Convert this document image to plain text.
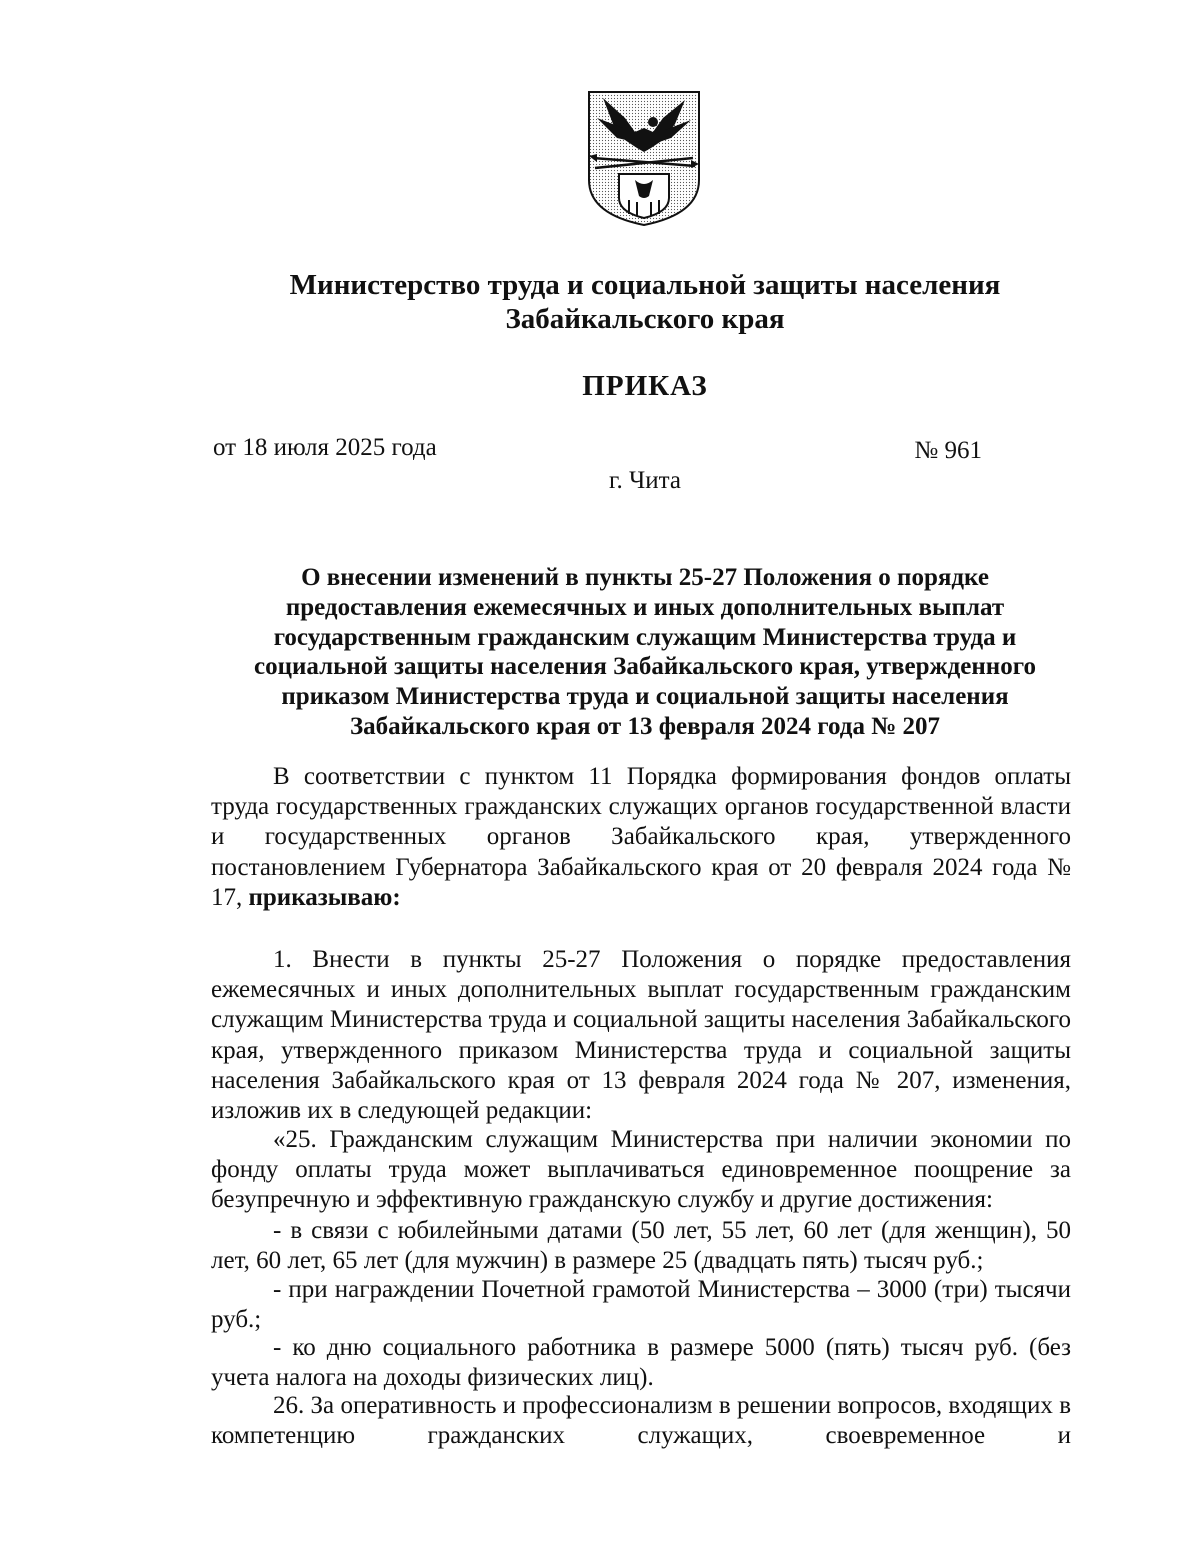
Министерство труда и социальной защиты населения
Забайкальского края
ПРИКАЗ
от 18 июля 2025 года	№ 961
г. Чита
О внесении изменений в пункты 25-27 Положения о порядке
предоставления ежемесячных и иных дополнительных выплат
государственным гражданским служащим Министерства труда и
социальной защиты населения Забайкальского края, утвержденного
приказом Министерства труда и социальной защиты населения
Забайкальского края от 13 февраля 2024 года № 207

В соответствии с пунктом 11 Порядка формирования фондов оплаты труда государственных гражданских служащих органов государственной власти и государственных органов Забайкальского края, утвержденного постановлением Губернатора Забайкальского края от 20 февраля 2024 года № 17, приказываю:

1. Внести в пункты 25-27 Положения о порядке предоставления ежемесячных и иных дополнительных выплат государственным гражданским служащим Министерства труда и социальной защиты населения Забайкальского края, утвержденного приказом Министерства труда и социальной защиты населения Забайкальского края от 13 февраля 2024 года № 207, изменения, изложив их в следующей редакции:

«25. Гражданским служащим Министерства при наличии экономии по фонду оплаты труда может выплачиваться единовременное поощрение за безупречную и эффективную гражданскую службу и другие достижения:

- в связи с юбилейными датами (50 лет, 55 лет, 60 лет (для женщин), 50 лет, 60 лет, 65 лет (для мужчин) в размере 25 (двадцать пять) тысяч руб.;

- при награждении Почетной грамотой Министерства – 3000 (три) тысячи руб.;

- ко дню социального работника в размере 5000 (пять) тысяч руб. (без учета налога на доходы физических лиц).

26. За оперативность и профессионализм в решении вопросов, входящих в компетенцию гражданских служащих, своевременное и
